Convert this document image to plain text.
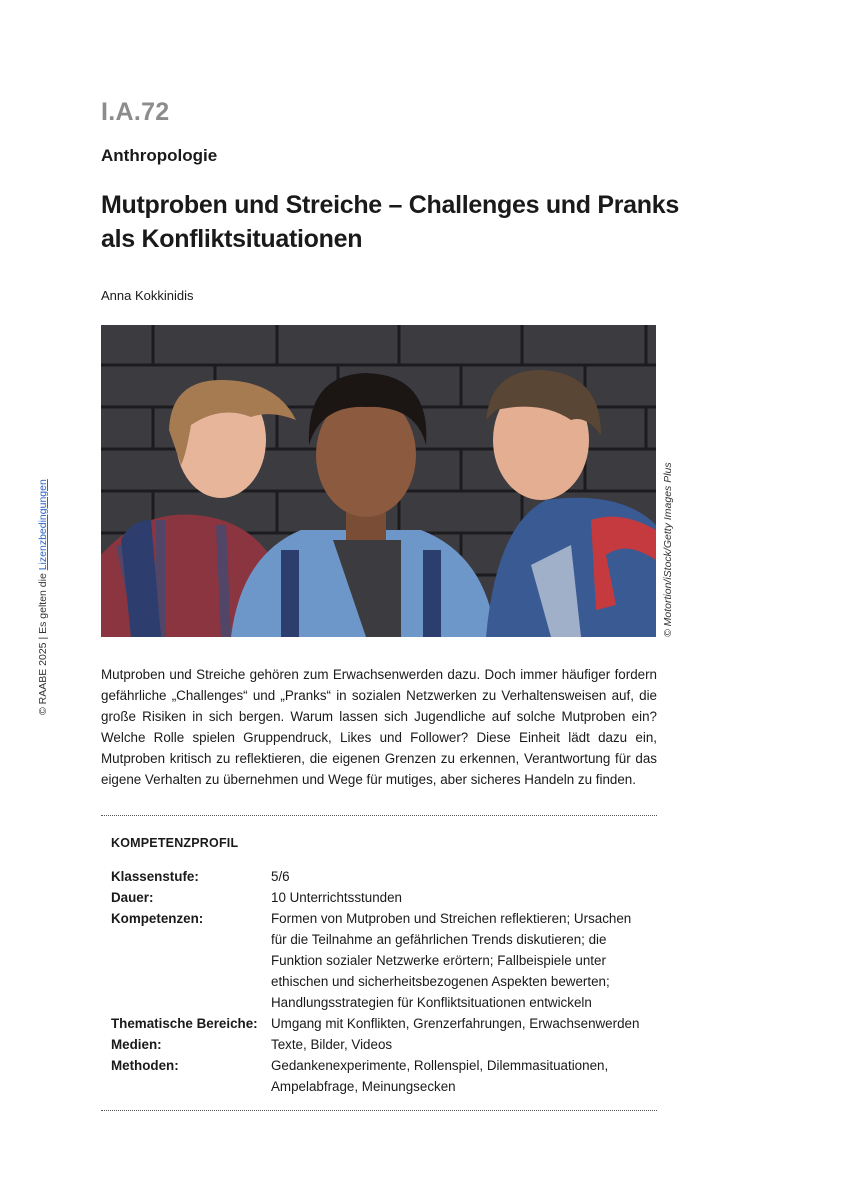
I.A.72
Anthropologie
Mutproben und Streiche – Challenges und Pranks als Konfliktsituationen
Anna Kokkinidis
© Motortion/iStock/Getty Images Plus
© RAABE 2025 | Es gelten die Lizenzbedingungen
Mutproben und Streiche gehören zum Erwachsenwerden dazu. Doch immer häufiger fordern gefährliche „Challenges“ und „Pranks“ in sozialen Netzwerken zu Verhaltensweisen auf, die große Risiken in sich bergen. Warum lassen sich Jugendliche auf solche Mutproben ein? Welche Rolle spielen Gruppendruck, Likes und Follower? Diese Einheit lädt dazu ein, Mutproben kritisch zu reflektieren, die eigenen Grenzen zu erkennen, Verantwortung für das eigene Verhalten zu übernehmen und Wege für mutiges, aber sicheres Handeln zu finden.
KOMPETENZPROFIL
Klassenstufe:	5/6
Dauer:	10 Unterrichtsstunden
Kompetenzen:	Formen von Mutproben und Streichen reflektieren; Ursachen für die Teilnahme an gefährlichen Trends diskutieren; die Funktion sozialer Netzwerke erörtern; Fallbeispiele unter ethischen und sicherheitsbezogenen Aspekten bewerten; Handlungsstrategien für Konfliktsituationen entwickeln
Thematische Bereiche: Umgang mit Konflikten, Grenzerfahrungen, Erwachsenwerden
Medien:	Texte, Bilder, Videos
Methoden:	Gedankenexperimente, Rollenspiel, Dilemmasituationen, Ampelabfrage, Meinungsecken
